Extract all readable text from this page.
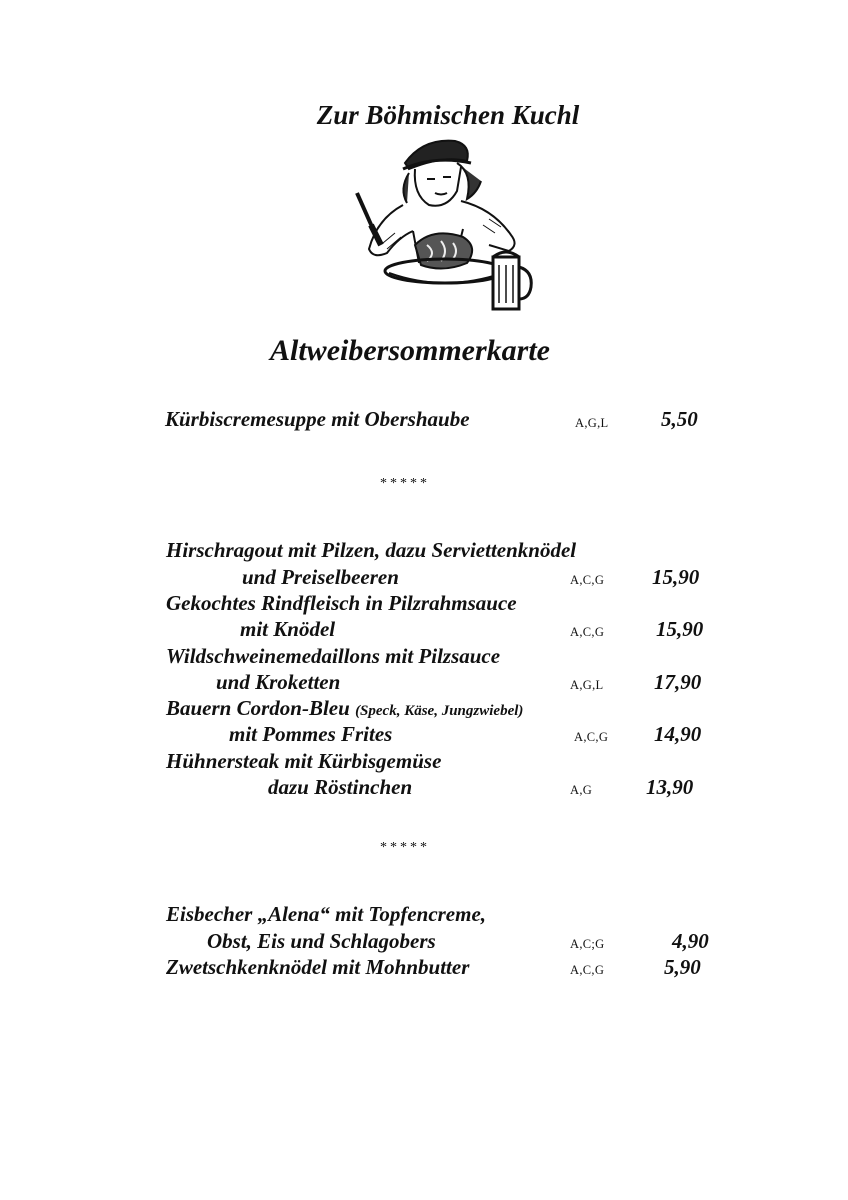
Zur Böhmischen Kuchl
Altweibersommerkarte
Kürbiscremesuppe mit Obershaube	A,G,L	5,50
*****
Hirschragout mit Pilzen, dazu Serviettenknödel
und Preiselbeeren	A,C,G 15,90
Gekochtes Rindfleisch in Pilzrahmsauce
mit Knödel	A,C,G 15,90
Wildschweinemedaillons mit Pilzsauce
und Kroketten	A,G,L 17,90
Bauern Cordon-Bleu (Speck, Käse, Jungzwiebel)
mit Pommes Frites	A,C,G 14,90
Hühnersteak mit Kürbisgemüse
dazu Röstinchen	A,G	13,90
*****
Eisbecher „Alena“ mit Topfencreme,
Obst, Eis und Schlagobers	A,C;G	4,90
Zwetschkenknödel mit Mohnbutter	A,C,G	5,90
